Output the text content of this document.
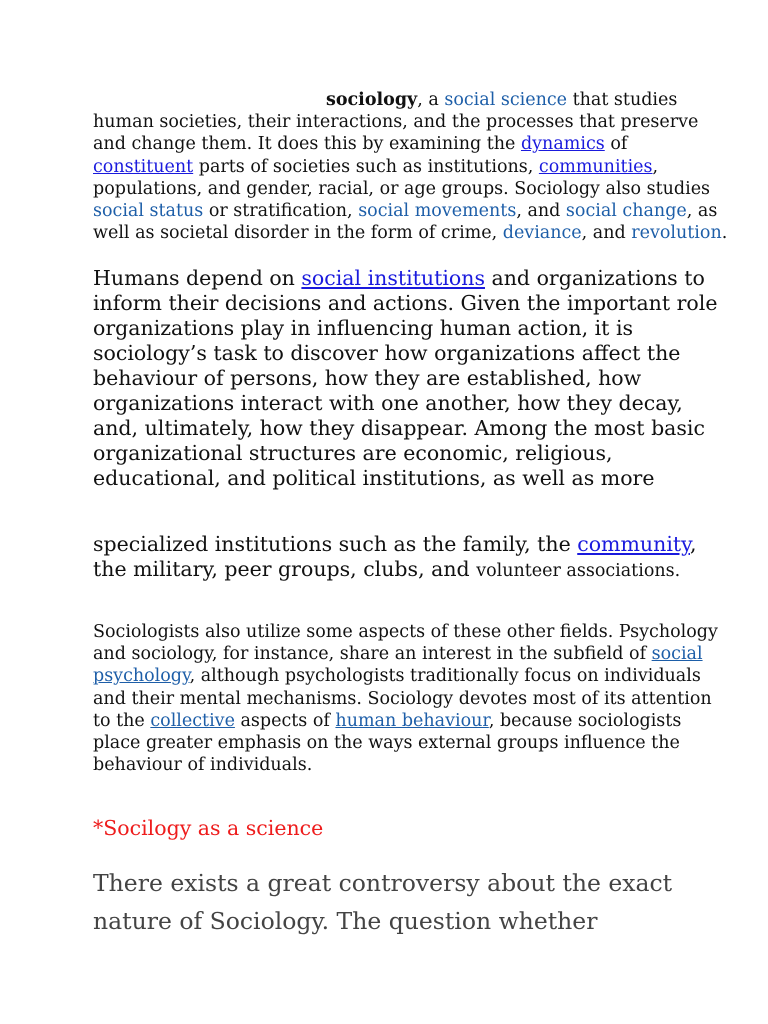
sociology, a social science that studies human societies, their interactions, and the processes that preserve and change them. It does this by examining the dynamics of constituent parts of societies such as institutions, communities, populations, and gender, racial, or age groups. Sociology also studies social status or stratification, social movements, and social change, as well as societal disorder in the form of crime, deviance, and revolution.

Humans depend on social institutions and organizations to inform their decisions and actions. Given the important role organizations play in influencing human action, it is sociology’s task to discover how organizations affect the behaviour of persons, how they are established, how organizations interact with one another, how they decay, and, ultimately, how they disappear. Among the most basic organizational structures are economic, religious, educational, and political institutions, as well as more

specialized institutions such as the family, the community, the military, peer groups, clubs, and volunteer associations.

Sociologists also utilize some aspects of these other fields. Psychology and sociology, for instance, share an interest in the subfield of social psychology, although psychologists traditionally focus on individuals and their mental mechanisms. Sociology devotes most of its attention to the collective aspects of human behaviour, because sociologists place greater emphasis on the ways external groups influence the behaviour of individuals.

*Socilogy as a science

There exists a great controversy about the exact nature of Sociology. The question whether
